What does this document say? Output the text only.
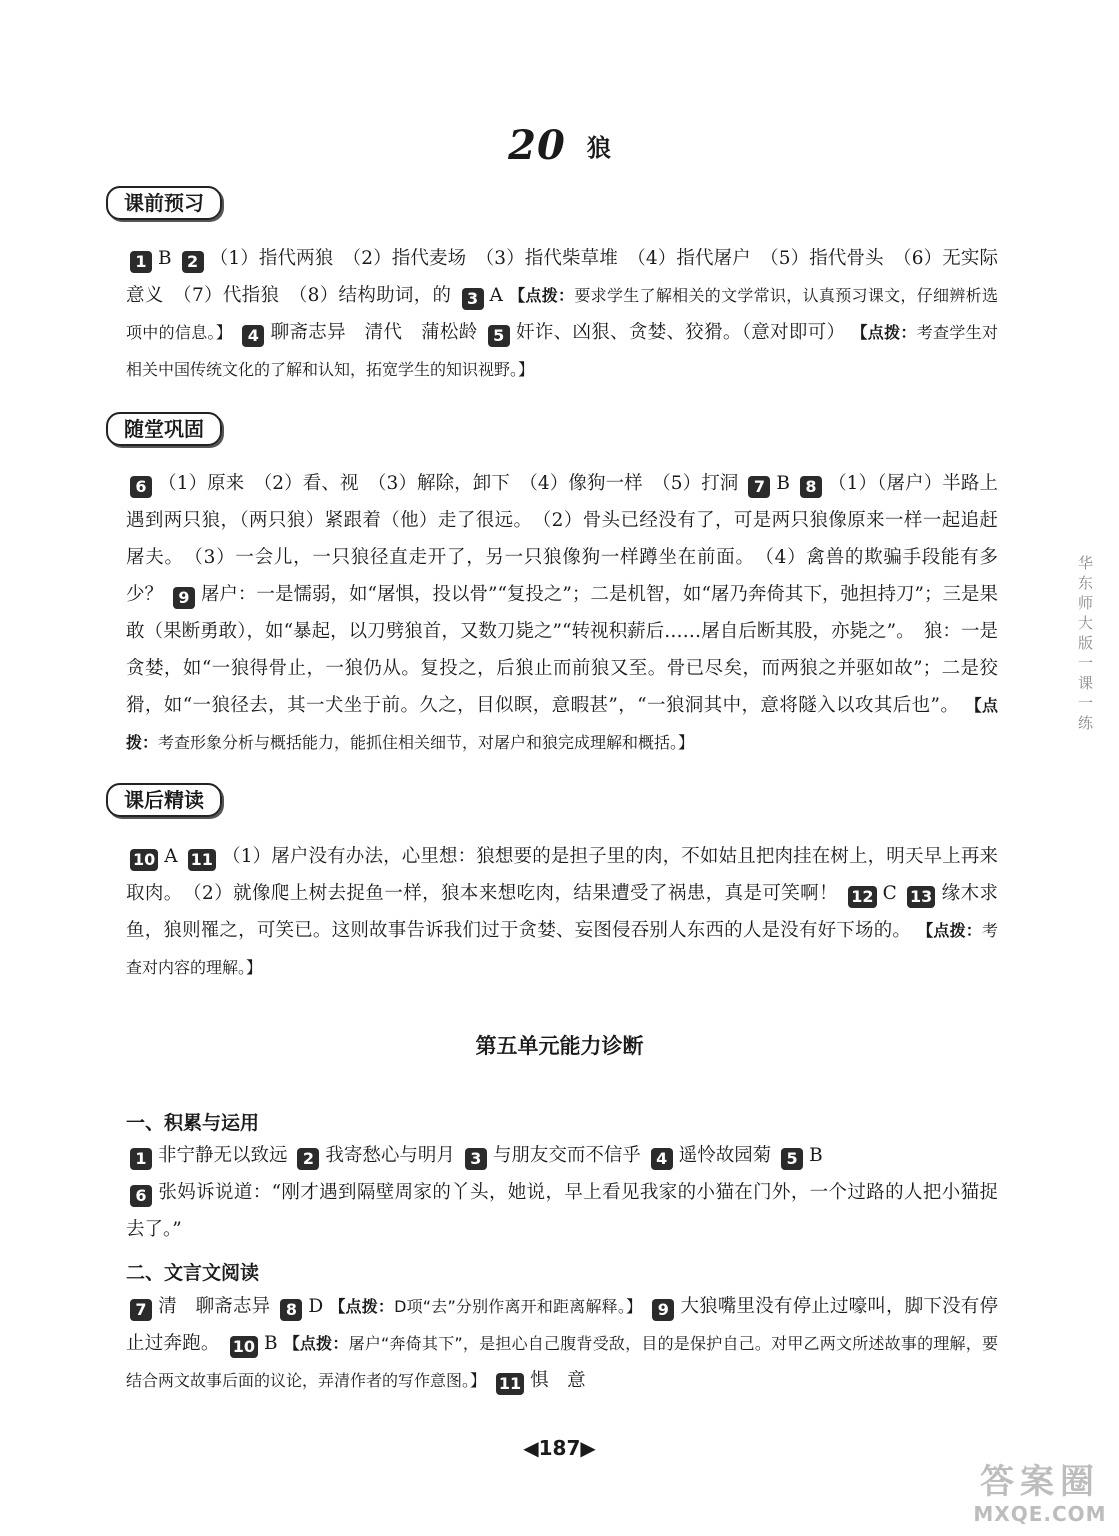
20 狼
课前预习
1 B 2 （1）指代两狼　（2）指代麦场　（3）指代柴草堆　（4）指代屠户　（5）指代骨头　（6）无实际意义　（7）代指狼　（8）结构助词，的 3 A 【点拨：要求学生了解相关的文学常识，认真预习课文，仔细辨析选项中的信息。】 4 聊斋志异　清代　蒲松龄 5 奸诈、凶狠、贪婪、狡猾。（意对即可） 【点拨：考查学生对相关中国传统文化的了解和认知，拓宽学生的知识视野。】
随堂巩固
6 （1）原来　（2）看、视　（3）解除，卸下　（4）像狗一样　（5）打洞 7 B 8 （1）（屠户）半路上遇到两只狼，（两只狼）紧跟着（他）走了很远。　（2）骨头已经没有了，可是两只狼像原来一样一起追赶屠夫。　（3）一会儿，一只狼径直走开了，另一只狼像狗一样蹲坐在前面。　（4）禽兽的欺骗手段能有多少？ 9 屠户：一是懦弱，如“屠惧，投以骨”“复投之”；二是机智，如“屠乃奔倚其下，弛担持刀”；三是果敢（果断勇敢），如“暴起，以刀劈狼首，又数刀毙之”“转视积薪后……屠自后断其股，亦毙之”。　狼：一是贪婪，如“一狼得骨止，一狼仍从。复投之，后狼止而前狼又至。骨已尽矣，而两狼之并驱如故”；二是狡猾，如“一狼径去，其一犬坐于前。久之，目似瞑，意暇甚”，“一狼洞其中，意将隧入以攻其后也”。 【点拨：考查形象分析与概括能力，能抓住相关细节，对屠户和狼完成理解和概括。】
课后精读
10 A 11 （1）屠户没有办法，心里想：狼想要的是担子里的肉，不如姑且把肉挂在树上，明天早上再来取肉。　（2）就像爬上树去捉鱼一样，狼本来想吃肉，结果遭受了祸患，真是可笑啊！ 12 C 13 缘木求鱼，狼则罹之，可笑已。这则故事告诉我们过于贪婪、妄图侵吞别人东西的人是没有好下场的。 【点拨：考查对内容的理解。】
第五单元能力诊断
一、积累与运用
1 非宁静无以致远 2 我寄愁心与明月 3 与朋友交而不信乎 4 遥怜故园菊 5 B
6 张妈诉说道：“刚才遇到隔壁周家的丫头，她说，早上看见我家的小猫在门外，一个过路的人把小猫捉去了。”
二、文言文阅读
7 清　聊斋志异 8 D 【点拨：D项“去”分别作离开和距离解释。】 9 大狼嘴里没有停止过嚎叫，脚下没有停止过奔跑。 10 B 【点拨：屠户“奔倚其下”，是担心自己腹背受敌，目的是保护自己。对甲乙两文所述故事的理解，要结合两文故事后面的议论，弄清作者的写作意图。】 11 惧　意
华东师大版一课一练
◀187▶
答案圈
MXQE.COM
